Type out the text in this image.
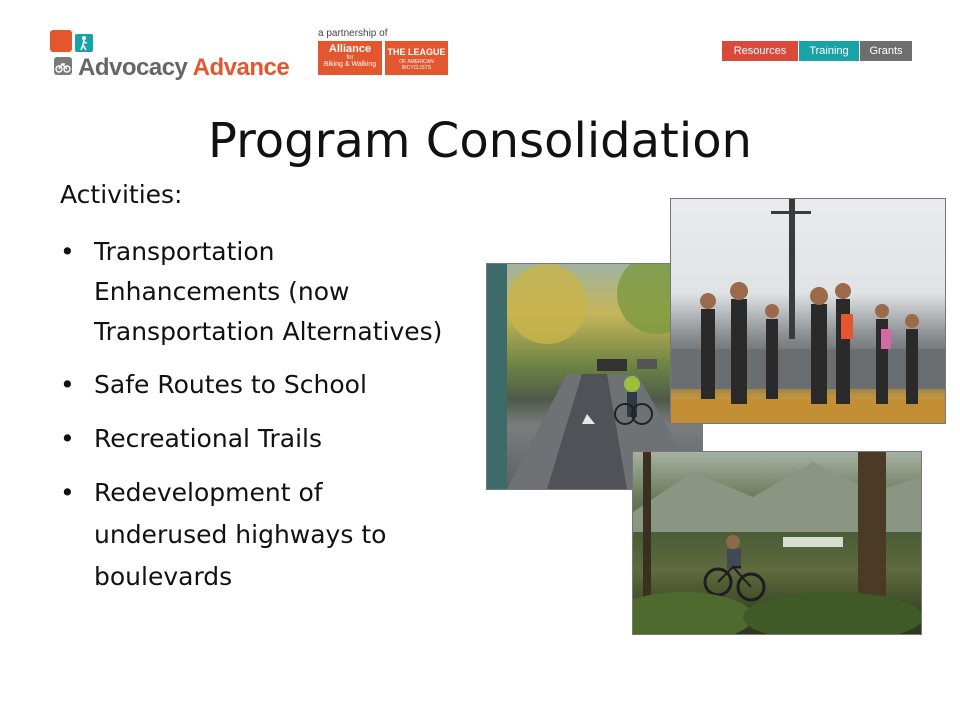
Advocacy Advance
a partnership of
Alliance
for
Biking & Walking
THE LEAGUE
OF AMERICAN BICYCLISTS
Resources	Training	Grants
Program Consolidation
Activities:
• Transportation Enhancements (now Transportation Alternatives)
• Safe Routes to School
• Recreational Trails
• Redevelopment of underused highways to boulevards
